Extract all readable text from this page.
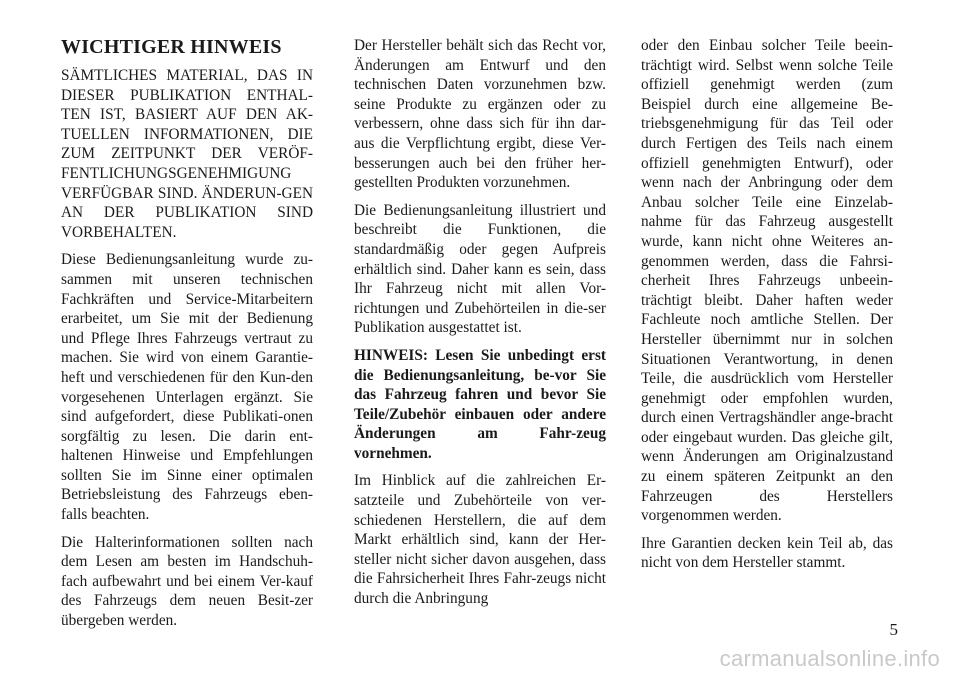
WICHTIGER HINWEIS

SÄMTLICHES MATERIAL, DAS IN DIESER PUBLIKATION ENTHAL-TEN IST, BASIERT AUF DEN AK-TUELLEN INFORMATIONEN, DIE ZUM ZEITPUNKT DER VERÖF-FENTLICHUNGSGENEHMIGUNG VERFÜGBAR SIND. ÄNDERUN-GEN AN DER PUBLIKATION SIND VORBEHALTEN.

Diese Bedienungsanleitung wurde zu-sammen mit unseren technischen Fachkräften und Service-Mitarbeitern erarbeitet, um Sie mit der Bedienung und Pflege Ihres Fahrzeugs vertraut zu machen. Sie wird von einem Garantie-heft und verschiedenen für den Kun-den vorgesehenen Unterlagen ergänzt. Sie sind aufgefordert, diese Publikati-onen sorgfältig zu lesen. Die darin ent-haltenen Hinweise und Empfehlungen sollten Sie im Sinne einer optimalen Betriebsleistung des Fahrzeugs eben-falls beachten.

Die Halterinformationen sollten nach dem Lesen am besten im Handschuh-fach aufbewahrt und bei einem Ver-kauf des Fahrzeugs dem neuen Besit-zer übergeben werden.

Der Hersteller behält sich das Recht vor, Änderungen am Entwurf und den technischen Daten vorzunehmen bzw. seine Produkte zu ergänzen oder zu verbessern, ohne dass sich für ihn dar-aus die Verpflichtung ergibt, diese Ver-besserungen auch bei den früher her-gestellten Produkten vorzunehmen.

Die Bedienungsanleitung illustriert und beschreibt die Funktionen, die standardmäßig oder gegen Aufpreis erhältlich sind. Daher kann es sein, dass Ihr Fahrzeug nicht mit allen Vor-richtungen und Zubehörteilen in die-ser Publikation ausgestattet ist.

HINWEIS: Lesen Sie unbedingt erst die Bedienungsanleitung, be-vor Sie das Fahrzeug fahren und bevor Sie Teile/Zubehör einbauen oder andere Änderungen am Fahr-zeug vornehmen.

Im Hinblick auf die zahlreichen Er-satzteile und Zubehörteile von ver-schiedenen Herstellern, die auf dem Markt erhältlich sind, kann der Her-steller nicht sicher davon ausgehen, dass die Fahrsicherheit Ihres Fahr-zeugs nicht durch die Anbringung

oder den Einbau solcher Teile beein-trächtigt wird. Selbst wenn solche Teile offiziell genehmigt werden (zum Beispiel durch eine allgemeine Be-triebsgenehmigung für das Teil oder durch Fertigen des Teils nach einem offiziell genehmigten Entwurf), oder wenn nach der Anbringung oder dem Anbau solcher Teile eine Einzelab-nahme für das Fahrzeug ausgestellt wurde, kann nicht ohne Weiteres an-genommen werden, dass die Fahrsi-cherheit Ihres Fahrzeugs unbeein-trächtigt bleibt. Daher haften weder Fachleute noch amtliche Stellen. Der Hersteller übernimmt nur in solchen Situationen Verantwortung, in denen Teile, die ausdrücklich vom Hersteller genehmigt oder empfohlen wurden, durch einen Vertragshändler ange-bracht oder eingebaut wurden. Das gleiche gilt, wenn Änderungen am Originalzustand zu einem späteren Zeitpunkt an den Fahrzeugen des Herstellers vorgenommen werden.

Ihre Garantien decken kein Teil ab, das nicht von dem Hersteller stammt.

5
carmanualsonline.info
